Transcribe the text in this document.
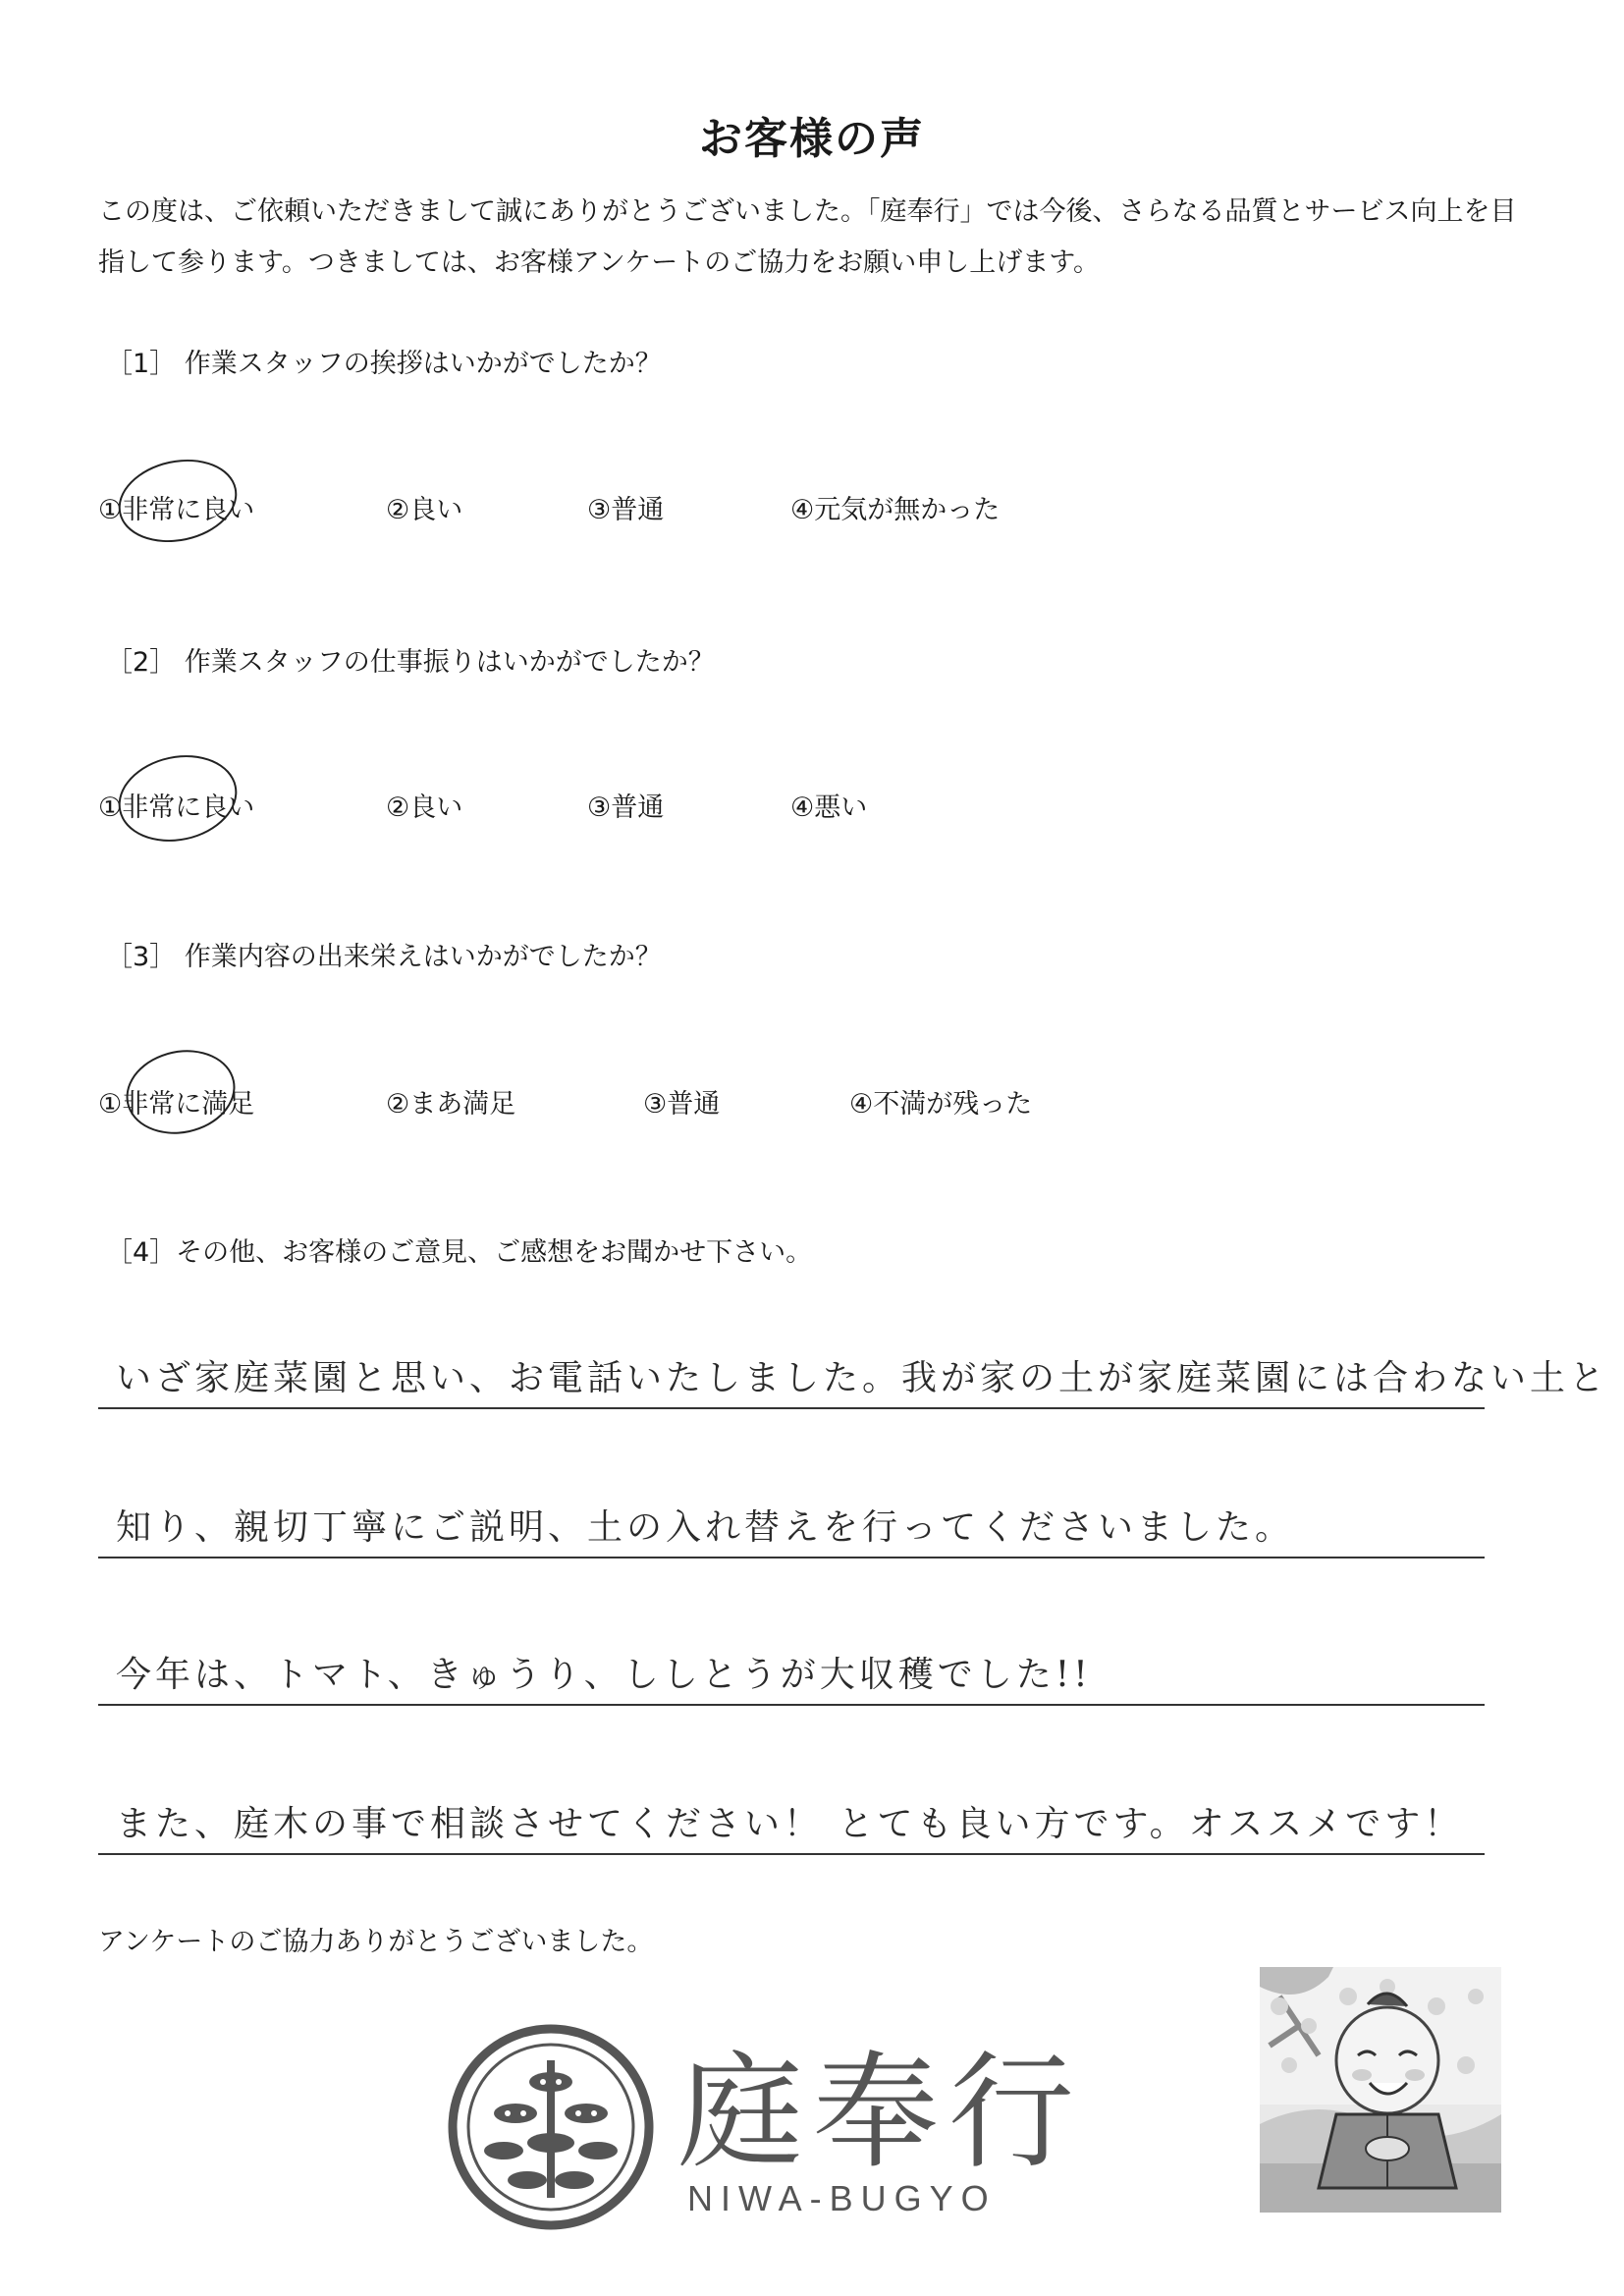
お客様の声
この度は、ご依頼いただきまして誠にありがとうございました。「庭奉行」では今後、さらなる品質とサービス向上を目指して参ります。つきましては、お客様アンケートのご協力をお願い申し上げます。
［1］ 作業スタッフの挨拶はいかがでしたか？
①非常に良い	②良い	③普通	④元気が無かった
［2］ 作業スタッフの仕事振りはいかがでしたか？
①非常に良い	②良い	③普通	④悪い
［3］ 作業内容の出来栄えはいかがでしたか？
①非常に満足	②まあ満足	③普通	④不満が残った
［4］その他、お客様のご意見、ご感想をお聞かせ下さい。
いざ家庭菜園と思い、お電話いたしました。我が家の土が家庭菜園には合わない土と
知り、親切丁寧にご説明、土の入れ替えを行ってくださいました。
今年は、トマト、きゅうり、ししとうが大収穫でした!!
また、庭木の事で相談させてください！ とても良い方です。オススメです！
アンケートのご協力ありがとうございました。
庭奉行
NIWA-BUGYO
